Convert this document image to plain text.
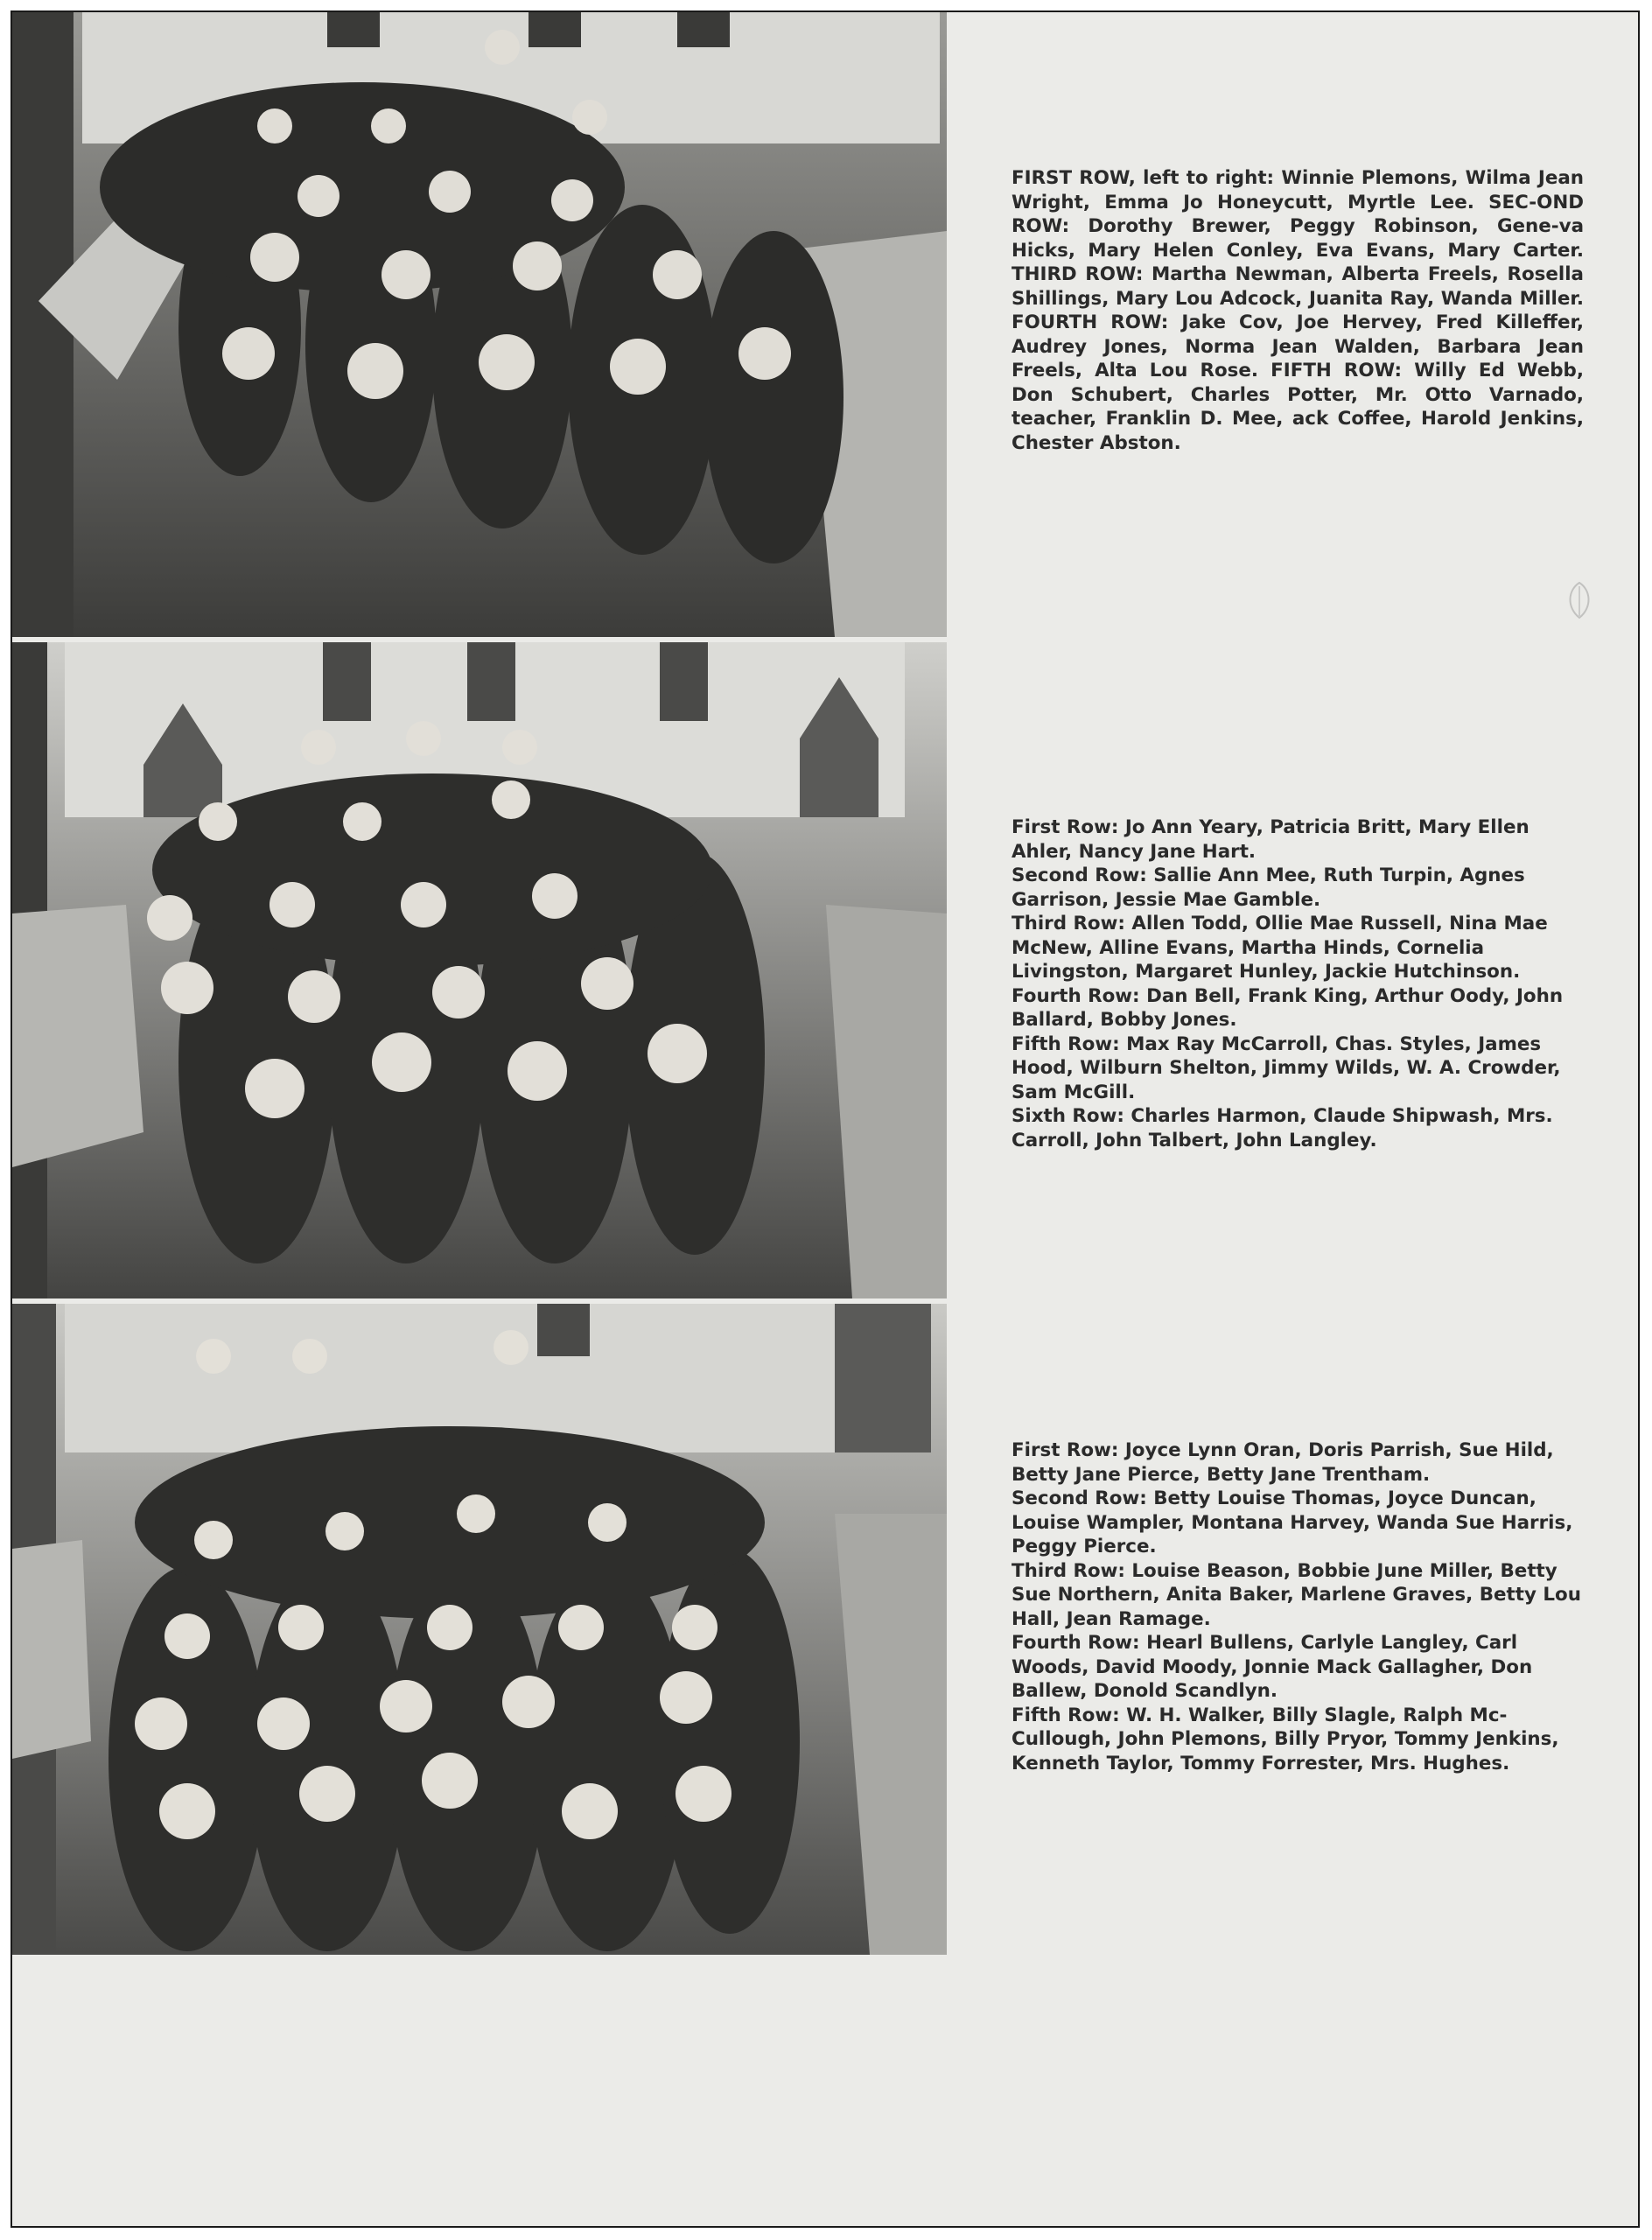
FIRST ROW, left to right: Winnie Plemons, Wilma Jean Wright, Emma Jo Honeycutt, Myrtle Lee. SEC-OND ROW: Dorothy Brewer, Peggy Robinson, Gene-va Hicks, Mary Helen Conley, Eva Evans, Mary Carter. THIRD ROW: Martha Newman, Alberta Freels, Rosella Shillings, Mary Lou Adcock, Juanita Ray, Wanda Miller. FOURTH ROW: Jake Cov, Joe Hervey, Fred Killeffer, Audrey Jones, Norma Jean Walden, Barbara Jean Freels, Alta Lou Rose. FIFTH ROW: Willy Ed Webb, Don Schubert, Charles Potter, Mr. Otto Varnado, teacher, Franklin D. Mee, ack Coffee, Harold Jenkins, Chester Abston.

First Row: Jo Ann Yeary, Patricia Britt, Mary Ellen Ahler, Nancy Jane Hart.
Second Row: Sallie Ann Mee, Ruth Turpin, Agnes Garrison, Jessie Mae Gamble.
Third Row: Allen Todd, Ollie Mae Russell, Nina Mae McNew, Alline Evans, Martha Hinds, Cornelia Livingston, Margaret Hunley, Jackie Hutchinson.
Fourth Row: Dan Bell, Frank King, Arthur Oody, John Ballard, Bobby Jones.
Fifth Row: Max Ray McCarroll, Chas. Styles, James Hood, Wilburn Shelton, Jimmy Wilds, W. A. Crowder, Sam McGill.
Sixth Row: Charles Harmon, Claude Shipwash, Mrs. Carroll, John Talbert, John Langley.
First Row: Joyce Lynn Oran, Doris Parrish, Sue Hild, Betty Jane Pierce, Betty Jane Trentham.
Second Row: Betty Louise Thomas, Joyce Duncan, Louise Wampler, Montana Harvey, Wanda Sue Harris, Peggy Pierce.
Third Row: Louise Beason, Bobbie June Miller, Betty Sue Northern, Anita Baker, Marlene Graves, Betty Lou Hall, Jean Ramage.
Fourth Row: Hearl Bullens, Carlyle Langley, Carl Woods, David Moody, Jonnie Mack Gallagher, Don Ballew, Donold Scandlyn.
Fifth Row: W. H. Walker, Billy Slagle, Ralph Mc-Cullough, John Plemons, Billy Pryor, Tommy Jenkins, Kenneth Taylor, Tommy Forrester, Mrs. Hughes.
